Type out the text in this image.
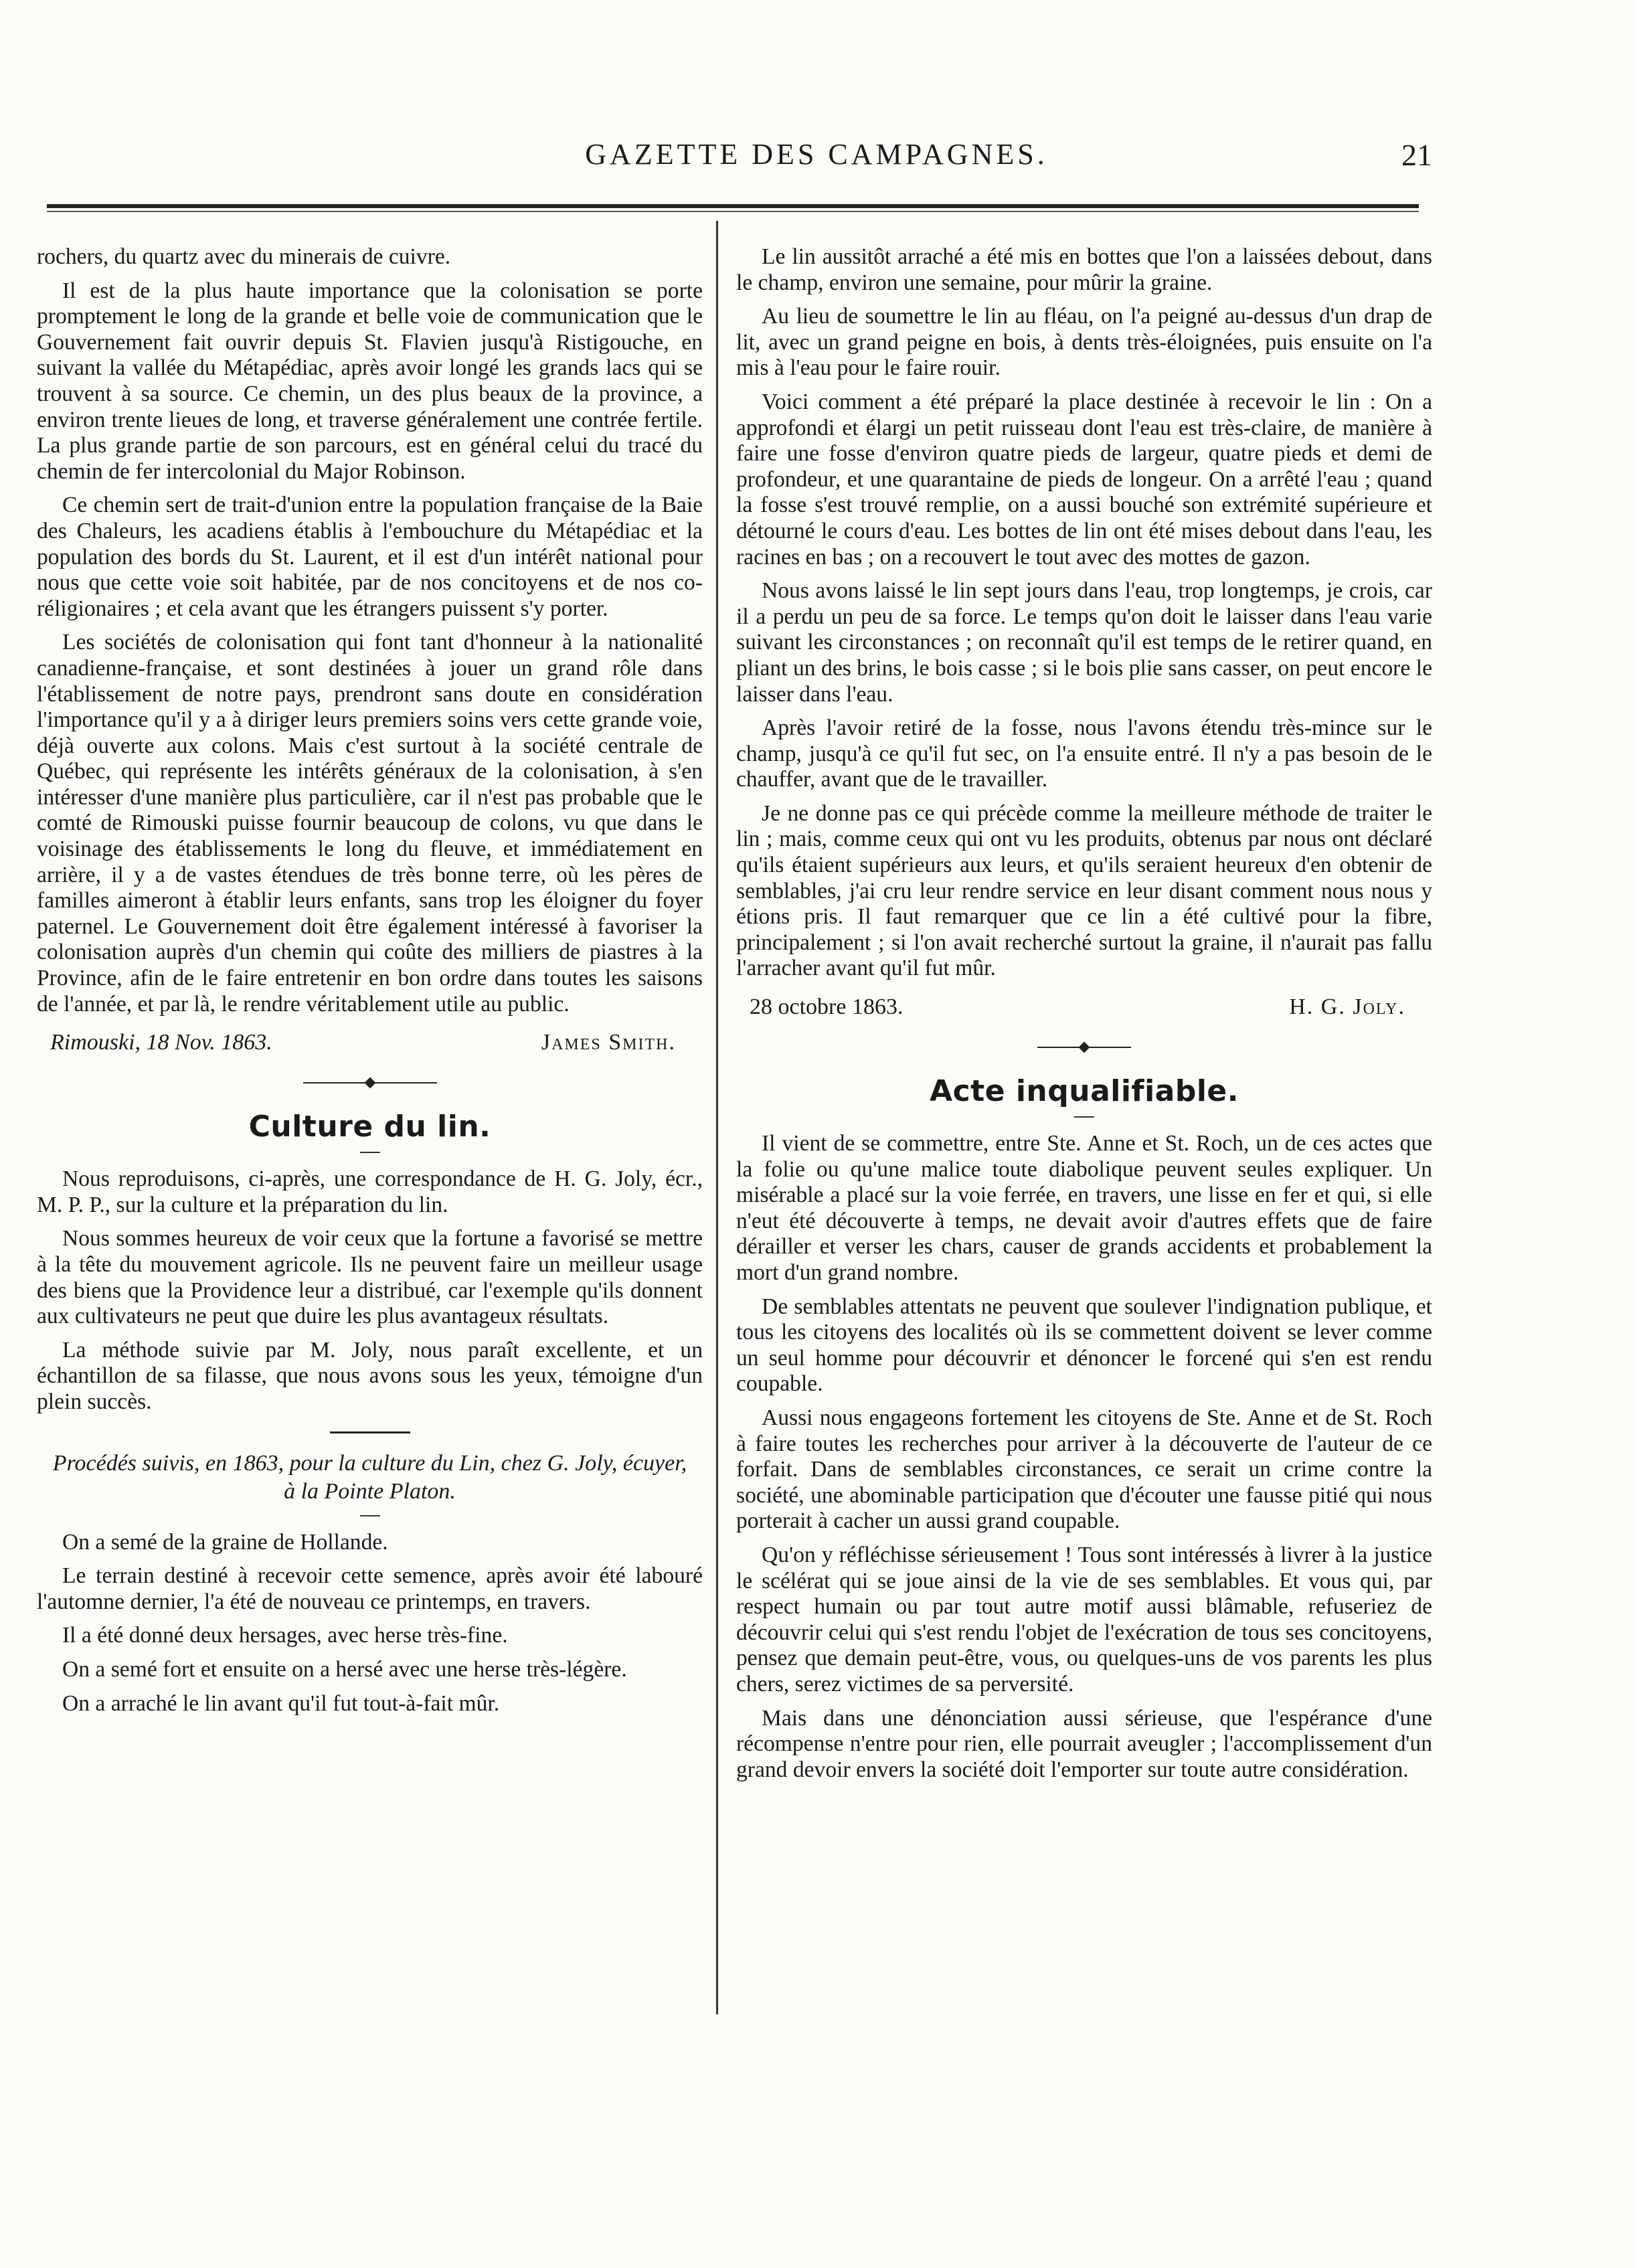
GAZETTE DES CAMPAGNES.	21

rochers, du quartz avec du minerais de cuivre.

Il est de la plus haute importance que la colonisation se porte promptement le long de la grande et belle voie de communication que le Gouvernement fait ouvrir depuis St. Flavien jusqu'à Ristigouche, en suivant la vallée du Métapédiac, après avoir longé les grands lacs qui se trouvent à sa source. Ce chemin, un des plus beaux de la province, a environ trente lieues de long, et traverse généralement une contrée fertile. La plus grande partie de son parcours, est en général celui du tracé du chemin de fer intercolonial du Major Robinson.

Ce chemin sert de trait-d'union entre la population française de la Baie des Chaleurs, les acadiens établis à l'embouchure du Métapédiac et la population des bords du St. Laurent, et il est d'un intérêt national pour nous que cette voie soit habitée, par de nos concitoyens et de nos co-réligionaires ; et cela avant que les étrangers puissent s'y porter.

Les sociétés de colonisation qui font tant d'honneur à la nationalité canadienne-française, et sont destinées à jouer un grand rôle dans l'établissement de notre pays, prendront sans doute en considération l'importance qu'il y a à diriger leurs premiers soins vers cette grande voie, déjà ouverte aux colons. Mais c'est surtout à la société centrale de Québec, qui représente les intérêts généraux de la colonisation, à s'en intéresser d'une manière plus particulière, car il n'est pas probable que le comté de Rimouski puisse fournir beaucoup de colons, vu que dans le voisinage des établissements le long du fleuve, et immédiatement en arrière, il y a de vastes étendues de très bonne terre, où les pères de familles aimeront à établir leurs enfants, sans trop les éloigner du foyer paternel. Le Gouvernement doit être également intéressé à favoriser la colonisation auprès d'un chemin qui coûte des milliers de piastres à la Province, afin de le faire entretenir en bon ordre dans toutes les saisons de l'année, et par là, le rendre véritablement utile au public.

Rimouski, 18 Nov. 1863.	James Smith.
Culture du lin.

Nous reproduisons, ci-après, une correspondance de H. G. Joly, écr., M. P. P., sur la culture et la préparation du lin.

Nous sommes heureux de voir ceux que la fortune a favorisé se mettre à la tête du mouvement agricole. Ils ne peuvent faire un meilleur usage des biens que la Providence leur a distribué, car l'exemple qu'ils donnent aux cultivateurs ne peut que duire les plus avantageux résultats.

La méthode suivie par M. Joly, nous paraît excellente, et un échantillon de sa filasse, que nous avons sous les yeux, témoigne d'un plein succès.

Procédés suivis, en 1863, pour la culture du Lin, chez G. Joly, écuyer, à la Pointe Platon.

On a semé de la graine de Hollande.

Le terrain destiné à recevoir cette semence, après avoir été labouré l'automne dernier, l'a été de nouveau ce printemps, en travers.

Il a été donné deux hersages, avec herse très-fine.

On a semé fort et ensuite on a hersé avec une herse très-légère.

On a arraché le lin avant qu'il fut tout-à-fait mûr.

Le lin aussitôt arraché a été mis en bottes que l'on a laissées debout, dans le champ, environ une semaine, pour mûrir la graine.

Au lieu de soumettre le lin au fléau, on l'a peigné au-dessus d'un drap de lit, avec un grand peigne en bois, à dents très-éloignées, puis ensuite on l'a mis à l'eau pour le faire rouir.

Voici comment a été préparé la place destinée à recevoir le lin : On a approfondi et élargi un petit ruisseau dont l'eau est très-claire, de manière à faire une fosse d'environ quatre pieds de largeur, quatre pieds et demi de profondeur, et une quarantaine de pieds de longeur. On a arrêté l'eau ; quand la fosse s'est trouvé remplie, on a aussi bouché son extrémité supérieure et détourné le cours d'eau. Les bottes de lin ont été mises debout dans l'eau, les racines en bas ; on a recouvert le tout avec des mottes de gazon.

Nous avons laissé le lin sept jours dans l'eau, trop longtemps, je crois, car il a perdu un peu de sa force. Le temps qu'on doit le laisser dans l'eau varie suivant les circonstances ; on reconnaît qu'il est temps de le retirer quand, en pliant un des brins, le bois casse ; si le bois plie sans casser, on peut encore le laisser dans l'eau.

Après l'avoir retiré de la fosse, nous l'avons étendu très-mince sur le champ, jusqu'à ce qu'il fut sec, on l'a ensuite entré. Il n'y a pas besoin de le chauffer, avant que de le travailler.

Je ne donne pas ce qui précède comme la meilleure méthode de traiter le lin ; mais, comme ceux qui ont vu les produits, obtenus par nous ont déclaré qu'ils étaient supérieurs aux leurs, et qu'ils seraient heureux d'en obtenir de semblables, j'ai cru leur rendre service en leur disant comment nous nous y étions pris. Il faut remarquer que ce lin a été cultivé pour la fibre, principalement ; si l'on avait recherché surtout la graine, il n'aurait pas fallu l'arracher avant qu'il fut mûr.

28 octobre 1863.	H. G. Joly.
Acte inqualifiable.

Il vient de se commettre, entre Ste. Anne et St. Roch, un de ces actes que la folie ou qu'une malice toute diabolique peuvent seules expliquer. Un misérable a placé sur la voie ferrée, en travers, une lisse en fer et qui, si elle n'eut été découverte à temps, ne devait avoir d'autres effets que de faire dérailler et verser les chars, causer de grands accidents et probablement la mort d'un grand nombre.

De semblables attentats ne peuvent que soulever l'indignation publique, et tous les citoyens des localités où ils se commettent doivent se lever comme un seul homme pour découvrir et dénoncer le forcené qui s'en est rendu coupable.

Aussi nous engageons fortement les citoyens de Ste. Anne et de St. Roch à faire toutes les recherches pour arriver à la découverte de l'auteur de ce forfait. Dans de semblables circonstances, ce serait un crime contre la société, une abominable participation que d'écouter une fausse pitié qui nous porterait à cacher un aussi grand coupable.

Qu'on y réfléchisse sérieusement ! Tous sont intéressés à livrer à la justice le scélérat qui se joue ainsi de la vie de ses semblables. Et vous qui, par respect humain ou par tout autre motif aussi blâmable, refuseriez de découvrir celui qui s'est rendu l'objet de l'exécration de tous ses concitoyens, pensez que demain peut-être, vous, ou quelques-uns de vos parents les plus chers, serez victimes de sa perversité.

Mais dans une dénonciation aussi sérieuse, que l'espérance d'une récompense n'entre pour rien, elle pourrait aveugler ; l'accomplissement d'un grand devoir envers la société doit l'emporter sur toute autre considération.
